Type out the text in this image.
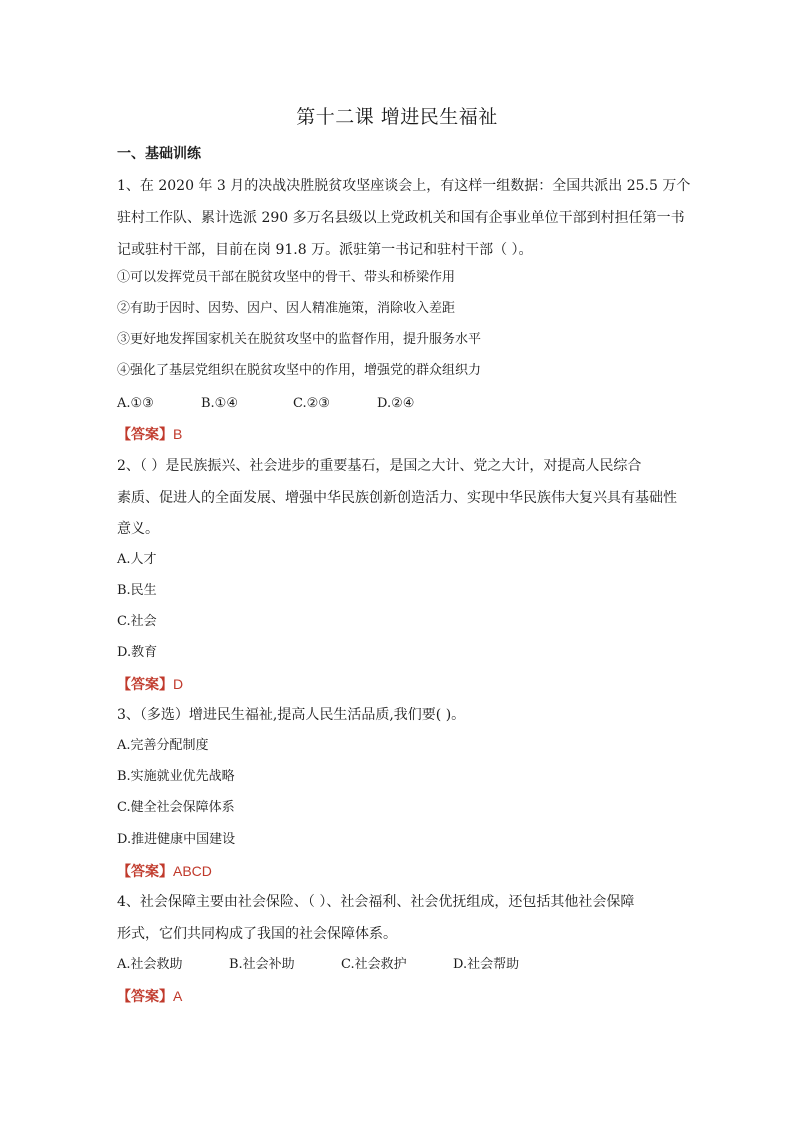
第十二课 增进民生福祉
一、基础训练
1、在 2020 年 3 月的决战决胜脱贫攻坚座谈会上，有这样一组数据：全国共派出 25.5 万个
驻村工作队、累计选派 290 多万名县级以上党政机关和国有企事业单位干部到村担任第一书
记或驻村干部，目前在岗 91.8 万。派驻第一书记和驻村干部（ ）。
①可以发挥党员干部在脱贫攻坚中的骨干、带头和桥梁作用
②有助于因时、因势、因户、因人精准施策，消除收入差距
③更好地发挥国家机关在脱贫攻坚中的监督作用，提升服务水平
④强化了基层党组织在脱贫攻坚中的作用，增强党的群众组织力
A.①③	B.①④	C.②③	D.②④
【答案】B
2、（ ）是民族振兴、社会进步的重要基石，是国之大计、党之大计，对提高人民综合
素质、促进人的全面发展、增强中华民族创新创造活力、实现中华民族伟大复兴具有基础性
意义。
A.人才
B.民生
C.社会
D.教育
【答案】D
3、（多选）增进民生福祉,提高人民生活品质,我们要( )。
A.完善分配制度
B.实施就业优先战略
C.健全社会保障体系
D.推进健康中国建设
【答案】ABCD
4、社会保障主要由社会保险、（ ）、社会福利、社会优抚组成，还包括其他社会保障
形式，它们共同构成了我国的社会保障体系。
A.社会救助	B.社会补助	C.社会救护	D.社会帮助
【答案】A
